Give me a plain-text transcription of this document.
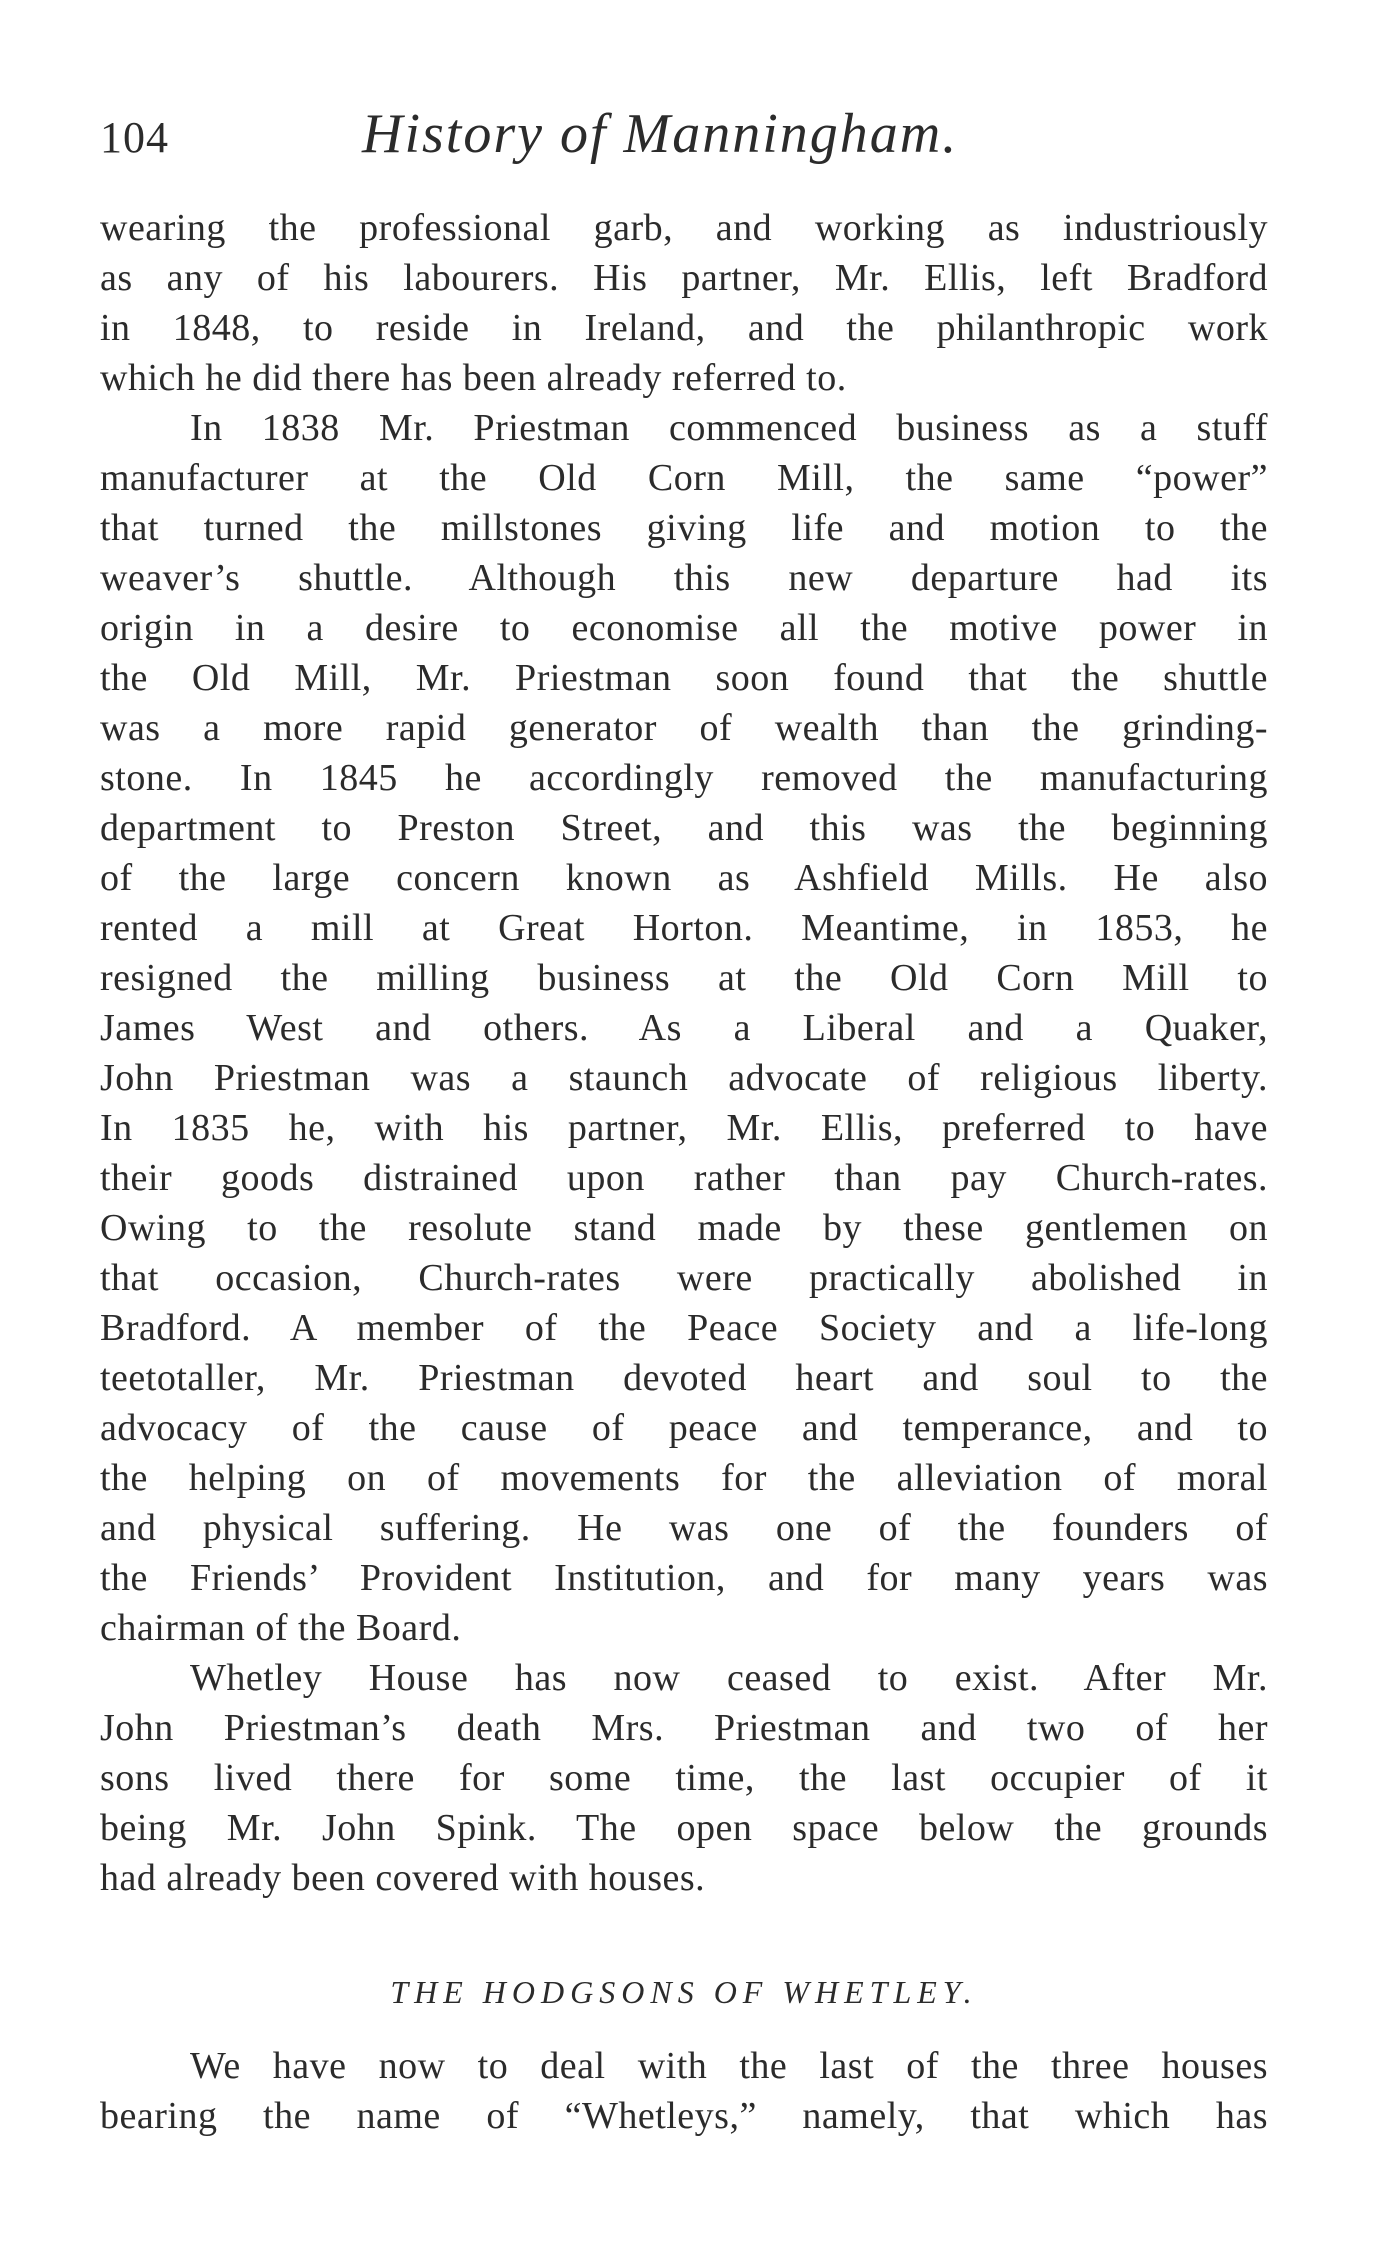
104	History of Manningham.
wearing the professional garb, and working as industriously
as any of his labourers. His partner, Mr. Ellis, left Bradford
in 1848, to reside in Ireland, and the philanthropic work
which he did there has been already referred to.
In 1838 Mr. Priestman commenced business as a stuff
manufacturer at the Old Corn Mill, the same “power”
that turned the millstones giving life and motion to the
weaver’s shuttle. Although this new departure had its
origin in a desire to economise all the motive power in
the Old Mill, Mr. Priestman soon found that the shuttle
was a more rapid generator of wealth than the grinding-
stone. In 1845 he accordingly removed the manufacturing
department to Preston Street, and this was the beginning
of the large concern known as Ashfield Mills. He also
rented a mill at Great Horton. Meantime, in 1853, he
resigned the milling business at the Old Corn Mill to
James West and others. As a Liberal and a Quaker,
John Priestman was a staunch advocate of religious liberty.
In 1835 he, with his partner, Mr. Ellis, preferred to have
their goods distrained upon rather than pay Church-rates.
Owing to the resolute stand made by these gentlemen on
that occasion, Church-rates were practically abolished in
Bradford. A member of the Peace Society and a life-long
teetotaller, Mr. Priestman devoted heart and soul to the
advocacy of the cause of peace and temperance, and to
the helping on of movements for the alleviation of moral
and physical suffering. He was one of the founders of
the Friends’ Provident Institution, and for many years was
chairman of the Board.
Whetley House has now ceased to exist. After Mr.
John Priestman’s death Mrs. Priestman and two of her
sons lived there for some time, the last occupier of it
being Mr. John Spink. The open space below the grounds
had already been covered with houses.
THE HODGSONS OF WHETLEY.
We have now to deal with the last of the three houses
bearing the name of “Whetleys,” namely, that which has
